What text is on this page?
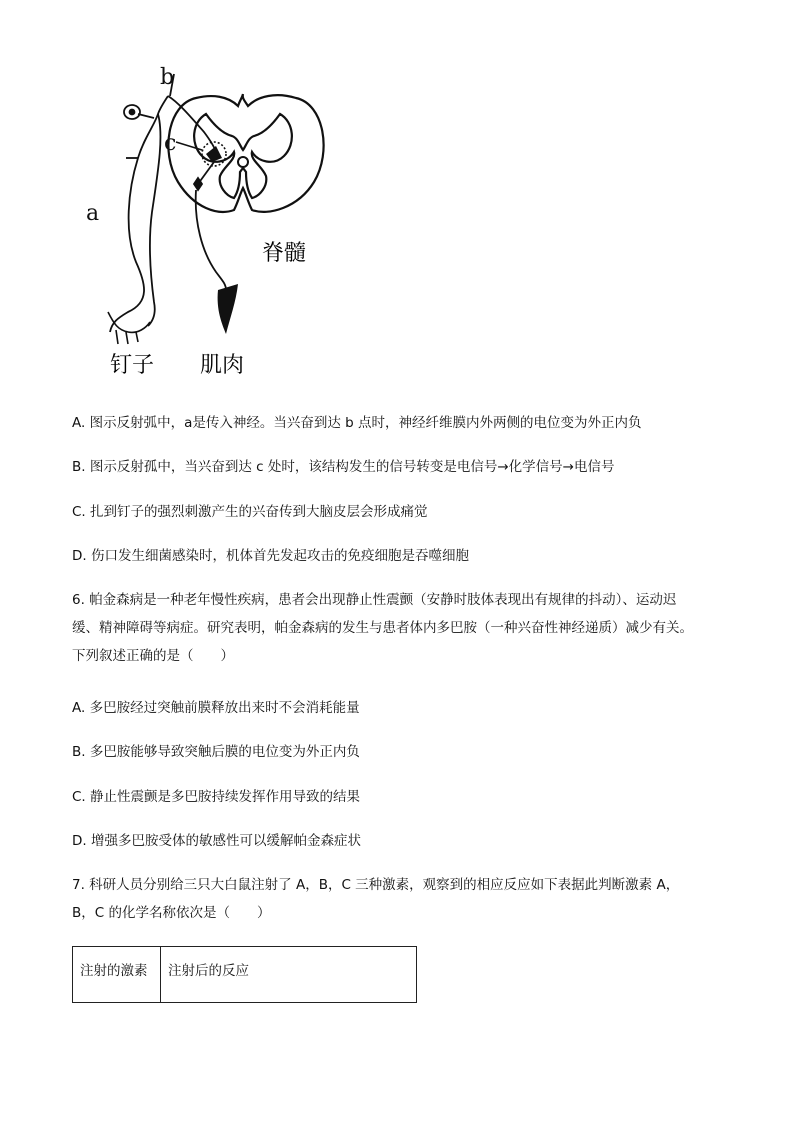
b
c
a
脊髓
钉子 肌肉
A. 图示反射弧中，a是传入神经。当兴奋到达 b 点时，神经纤维膜内外两侧的电位变为外正内负
B. 图示反射孤中，当兴奋到达 c 处时，该结构发生的信号转变是电信号→化学信号→电信号
C. 扎到钉子的强烈刺激产生的兴奋传到大脑皮层会形成痛觉
D. 伤口发生细菌感染时，机体首先发起攻击的免疫细胞是吞噬细胞
6. 帕金森病是一种老年慢性疾病，患者会出现静止性震颤（安静时肢体表现出有规律的抖动）、运动迟
缓、精神障碍等病症。研究表明，帕金森病的发生与患者体内多巴胺（一种兴奋性神经递质）减少有关。
下列叙述正确的是（　　）
A. 多巴胺经过突触前膜释放出来时不会消耗能量
B. 多巴胺能够导致突触后膜的电位变为外正内负
C. 静止性震颤是多巴胺持续发挥作用导致的结果
D. 增强多巴胺受体的敏感性可以缓解帕金森症状
7. 科研人员分别给三只大白鼠注射了 A，B，C 三种激素，观察到的相应反应如下表据此判断激素 A，
B，C 的化学名称依次是（　　）
注射的激素	注射后的反应
